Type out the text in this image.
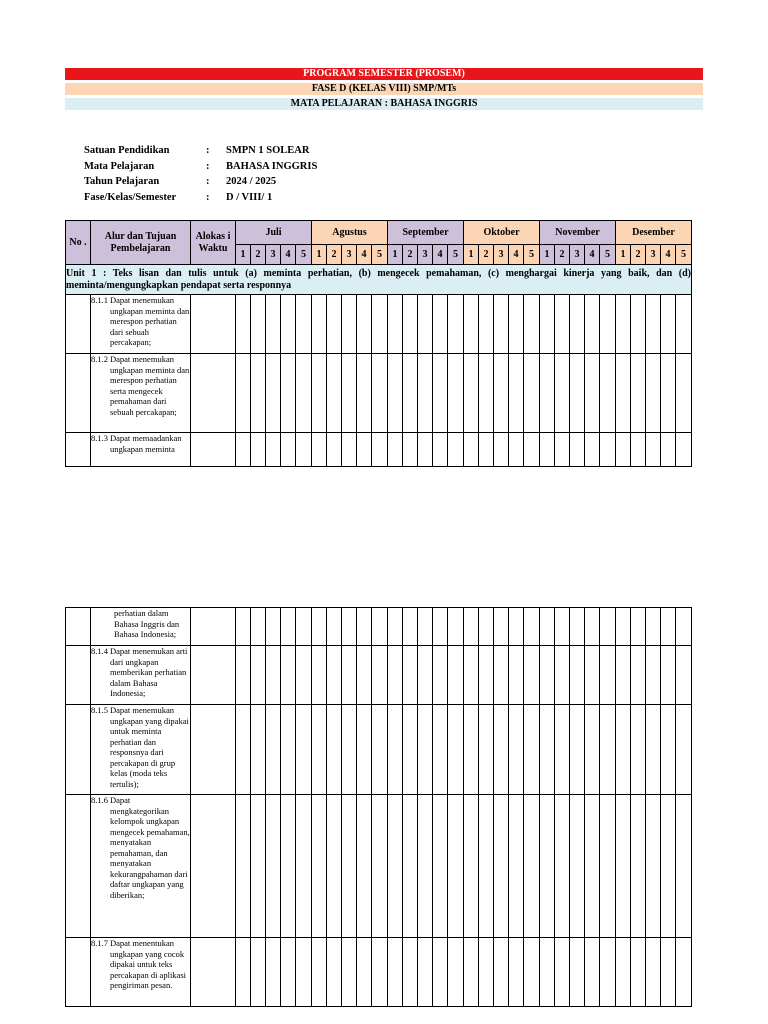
PROGRAM SEMESTER (PROSEM)
FASE D (KELAS VIII) SMP/MTs
MATA PELAJARAN : BAHASA INGGRIS
Satuan Pendidikan	:	SMPN 1 SOLEAR
Mata Pelajaran	:	BAHASA INGGRIS
Tahun Pelajaran	:	2024 / 2025
Fase/Kelas/Semester	:	D / VIII/ 1
No .	Alur dan Tujuan Pembelajaran	Alokas i Waktu	Juli					Agustus					September					Oktober					November					Desember				
			1	2	3	4	5	1	2	3	4	5	1	2	3	4	5	1	2	3	4	5	1	2	3	4	5	1	2	3	4	5
Unit 1 : Teks lisan dan tulis untuk (a) meminta perhatian, (b) mengecek pemahaman, (c) menghargai kinerja yang baik, dan (d) meminta/mengungkapkan pendapat serta responnya																																

	8.1.1 Dapat menemukan ungkapan meminta dan merespon perhatian dari sebuah percakapan;																															

	8.1.2 Dapat menemukan ungkapan meminta dan merespon perhatian serta mengecek pemahaman dari sebuah percakapan;																															

	8.1.3 Dapat memaadankan ungkapan meminta																															

	perhatian dalam Bahasa Inggris dan Bahasa Indonesia;																															

	8.1.4 Dapat menemukan arti dari ungkapan memberikan perhatian dalam Bahasa Indonesia;																															

	8.1.5 Dapat menemukan ungkapan yang dipakai untuk meminta perhatian dan responsnya dari percakapan di grup kelas (moda teks tertulis);																															

	8.1.6 Dapat mengkategorikan kelompok ungkapan mengecek pemahaman, menyatakan pemahaman, dan menyatakan kekurangpahaman dari daftar ungkapan yang diberikan;																															

	8.1.7 Dapat menentukan ungkapan yang cocok dipakai untuk teks percakapan di aplikasi pengiriman pesan.																															
